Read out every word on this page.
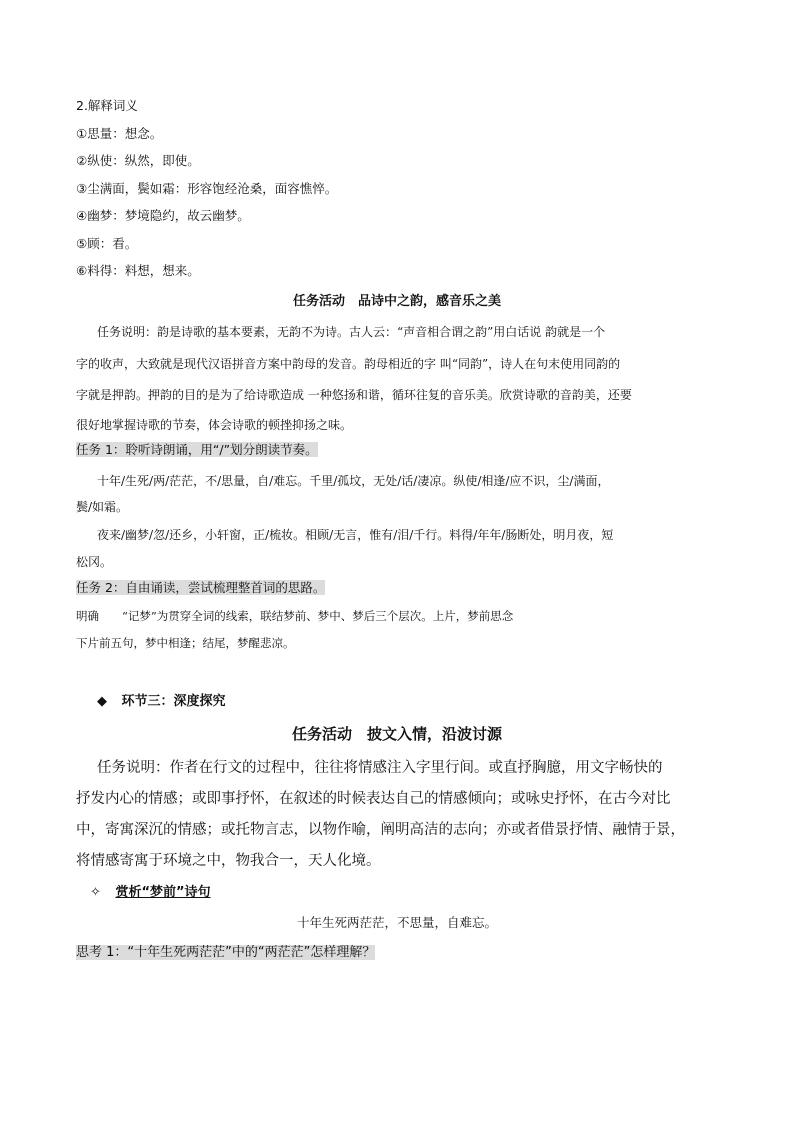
2.解释词义
①思量：想念。
②纵使：纵然，即使。
③尘满面，鬓如霜：形容饱经沧桑，面容憔悴。
④幽梦：梦境隐约，故云幽梦。
⑤顾：看。
⑥料得：料想，想来。
任务活动　品诗中之韵，感音乐之美
任务说明：韵是诗歌的基本要素，无韵不为诗。古人云：“声音相合谓之韵”用白话说 韵就是一个
字的收声，大致就是现代汉语拼音方案中韵母的发音。韵母相近的字 叫“同韵”，诗人在句末使用同韵的
字就是押韵。押韵的目的是为了给诗歌造成 一种悠扬和谐，循环往复的音乐美。欣赏诗歌的音韵美，还要
很好地掌握诗歌的节奏，体会诗歌的顿挫抑扬之味。
任务 1：聆听诗朗诵，用“/”划分朗读节奏。
十年/生死/两/茫茫，不/思量，自/难忘。千里/孤坟，无处/话/凄凉。纵使/相逢/应不识，尘/满面，
鬓/如霜。
夜来/幽梦/忽/还乡，小轩窗，正/梳妆。相顾/无言，惟有/泪/千行。料得/年年/肠断处，明月夜，短
松冈。
任务 2：自由诵读，尝试梳理整首词的思路。
明确　　“记梦”为贯穿全词的线索，联结梦前、梦中、梦后三个层次。上片，梦前思念
下片前五句，梦中相逢；结尾，梦醒悲凉。
◆ 环节三：深度探究
任务活动　披文入情，沿波讨源
任务说明：作者在行文的过程中，往往将情感注入字里行间。或直抒胸臆，用文字畅快的
抒发内心的情感；或即事抒怀，在叙述的时候表达自己的情感倾向；或咏史抒怀，在古今对比
中，寄寓深沉的情感；或托物言志，以物作喻，阐明高洁的志向；亦或者借景抒情、融情于景，
将情感寄寓于环境之中，物我合一，天人化境。
✧ 赏析“梦前”诗句
十年生死两茫茫，不思量，自难忘。
思考 1：“十年生死两茫茫”中的“两茫茫”怎样理解？
